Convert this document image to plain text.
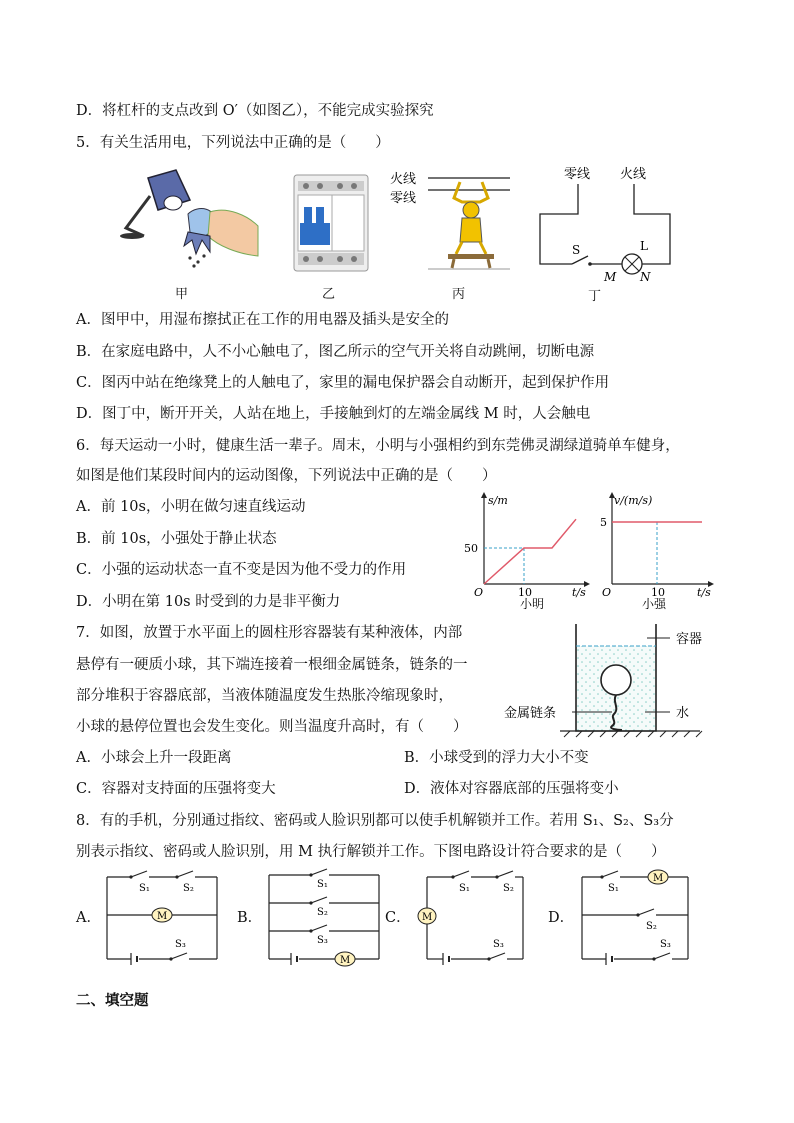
D．将杠杆的支点改到 O′（如图乙），不能完成实验探究
5．有关生活用电，下列说法中正确的是（　　）
甲	乙
火线
零线
丙
零线 火线
S	L
M N
丁
A．图甲中，用湿布擦拭正在工作的用电器及插头是安全的
B．在家庭电路中，人不小心触电了，图乙所示的空气开关将自动跳闸，切断电源
C．图丙中站在绝缘凳上的人触电了，家里的漏电保护器会自动断开，起到保护作用
D．图丁中，断开开关，人站在地上，手接触到灯的左端金属线 M 时，人会触电
6．每天运动一小时，健康生活一辈子。周末，小明与小强相约到东莞佛灵湖绿道骑单车健身，
如图是他们某段时间内的运动图像，下列说法中正确的是（　　）
A．前 10s，小明在做匀速直线运动
B．前 10s，小强处于静止状态
C．小强的运动状态一直不变是因为他不受力的作用
D．小明在第 10s 时受到的力是非平衡力
s/m
t/s
O	10
50
小明
v/(m/s)
t/s
O	10
5
小强
7．如图，放置于水平面上的圆柱形容器装有某种液体，内部
悬停有一硬质小球，其下端连接着一根细金属链条，链条的一
部分堆积于容器底部，当液体随温度发生热胀冷缩现象时，
小球的悬停位置也会发生变化。则当温度升高时，有（　　）
容器
金属链条	水
A．小球会上升一段距离	B．小球受到的浮力大小不变
C．容器对支持面的压强将变大	D．液体对容器底部的压强将变小
8．有的手机，分别通过指纹、密码或人脸识别都可以使手机解锁并工作。若用 S₁、S₂、S₃分
别表示指纹、密码或人脸识别，用 M 执行解锁并工作。下图电路设计符合要求的是（　　）
A．	B．	C．	D．
M
S₁	S₂
S₃
M
S₁
S₂
S₃
M
S₁	S₂
S₃
M
S₁
S₂
S₃
二、填空题
